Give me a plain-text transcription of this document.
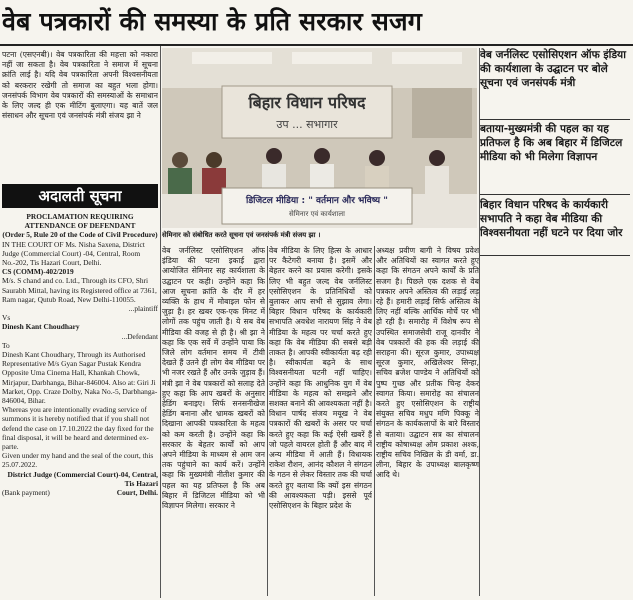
वेब पत्रकारों की समस्या के प्रति सरकार सजग

पटना (एसएनबी)। वेब पत्रकारिता की महत्ता को नकारा नहीं जा सकता है। वेब पत्रकारिता ने समाज में सूचना क्रांति लाई है। यदि वेब पत्रकारिता अपनी विश्वसनीयता को बरकरार रखेगी तो समाज का बहुत भला होगा। जनसंपर्क विभाग वेब पत्रकारों की समस्याओं के समाधान के लिए जल्द ही एक मीटिंग बुलाएगा। यह बातें जल संसाधन और सूचना एवं जनसंपर्क मंत्री संजय झा ने

अदालती सूचना

PROCLAMATION REQUIRING ATTENDANCE OF DEFENDANT

(Order 5, Rule 20 of the Code of Civil Procedure)

IN THE COURT OF Ms. Nisha Saxena, District Judge (Commercial Court) -04, Central, Room No.-202, Tis Hazari Court, Delhi.

CS (COMM)-402/2019

M/s. S chand and co. Ltd., Through its CFO, Shri Saurabh Mittal, having its Registered office at 7361, Ram nagar, Qutub Road, New Delhi-110055.

...plaintiff

Vs

Dinesh Kant Choudhary

...Defendant

To

Dinesh Kant Choudhary, Through its Authorised Representative M/s Gyan Sagar Pustak Kendra Opposite Uma Cinema Hall, Khankah Chowk, Mirjapur, Darbhanga, Bihar-846004. Also at: Giri Ji Market, Opp. Craze Dolby, Naka No.-5, Darbhanga-846004, Bihar.

Whereas you are intentionally evading service of summons it is hereby notified that if you shall not defend the case on 17.10.2022 the day fixed for the final disposal, it will be heard and determined ex-parte.

Given under my hand and the seal of the court, this 25.07.2022.

District Judge (Commercial Court)-04, Central, Tis Hazari

(Bank payment)	Court, Delhi.

बिहार विधान परिषद
उप ... सभागार
डिजिटल मीडिया : " वर्तमान और भविष्य "
सेमिनार एवं कार्यशाला
सेमिनार को संबोधित करते सूचना एवं जनसंपर्क मंत्री संजय झा ।
वेब जर्नलिस्ट एसोसिएशन ऑफ इंडिया की कार्यशाला के उद्घाटन पर बोले सूचना एवं जनसंपर्क मंत्री
बताया-मुख्यमंत्री की पहल का यह प्रतिफल है कि अब बिहार में डिजिटल मीडिया को भी मिलेगा विज्ञापन
बिहार विधान परिषद के कार्यकारी सभापति ने कहा वेब मीडिया की विश्वसनीयता नहीं घटने पर दिया जोर

वेब जर्नलिस्ट एसोसिएशन ऑफ इंडिया की पटना इकाई द्वारा आयोजित सेमिनार सह कार्यशाला के उद्घाटन पर कही। उन्होंने कहा कि आज सूचना क्रांति के दौर में हर व्यक्ति के हाथ में मोबाइल फोन से जुड़ा है। हर खबर एक-एक मिनट में लोगों तक पहुंच जाती है। ये सब वेब मीडिया की वजह से ही है। श्री झा ने कहा कि एक सर्वे में उन्होंने पाया कि जिले लोग वर्तमान समय में टीवी देखते हैं उतने ही लोग वेब मीडिया पर भी नजर रखते हैं और उनके जुड़ाव हैं। मंत्री झा ने वेब पत्रकारों को सलाह देते हुए कहा कि आप खबरों के अनुसार हेडिंग बनाइए। सिर्फ सनसनीखेज हेडिंग बनाना और भ्रामक खबरों को दिखाना आपकी पत्रकारिता के महत्व को कम करती है। उन्होंने कहा कि सरकार के बेहतर कार्यों को आप अपने मीडिया के माध्यम से आम जन तक पहुंचाने का कार्य करें। उन्होंने कहा कि मुख्यमंत्री नीतीश कुमार की पहल का यह प्रतिफल है कि अब बिहार में डिजिटल मीडिया को भी विज्ञापन मिलेगा। सरकार ने

वेब मीडिया के लिए हित्स के आधार पर कैटेगरी बनाया है। इसमें और बेहतर करने का प्रयास करेगी। इसके लिए भी बहुत जल्द वेब जर्नलिस्ट एसोसिएशन के प्रतिनिधियों को बुलाकर आप सभी से सुझाव लेगा। बिहार विधान परिषद के कार्यकारी सभापति अवधेश नारायण सिंह ने वेब मीडिया के महत्व पर चर्चा करते हुए कहा कि वेब मीडिया की सबसे बड़ी ताकत है। आपकी स्वीकार्यता बढ़ रही है। स्वीकार्यता बढ़ने के साथ विश्वसनीयता घटनी नहीं चाहिए। उन्होंने कहा कि आधुनिक युग में वेब मीडिया के महत्व को समझने और सशक्त बनाने की आवश्यकता नहीं है। विधान पार्षद संजय मयूख ने वेब पत्रकारों की खबरों के असर पर चर्चा करते हुए कहा कि कई ऐसी खबरें हैं जो पहले वायरल होती हैं और बाद में अन्य मीडिया में आती हैं। विधायक राकेश रौशन, आनंद कौशल ने संगठन के गठन से लेकर विस्तार तक की चर्चा करते हुए बताया कि क्यों इस संगठन की आवश्यकता पड़ी। इससे पूर्व एसोसिएशन के बिहार प्रदेश के

अध्यक्ष प्रवीण बागी ने विषय प्रवेश और अतिथियों का स्वागत करते हुए कहा कि संगठन अपने कार्यों के प्रति सजग है। पिछले एक दशक से वेब पत्रकार अपने अस्तित्व की लड़ाई लड़ रहे हैं। हमारी लड़ाई सिर्फ अस्तित्व के लिए नहीं बल्कि आर्थिक मोर्चे पर भी हो रही है। समारोह में विशेष रूप से उपस्थित समाजसेवी राजू दानवीर ने वेब पत्रकारों की हक की लड़ाई की सराहना की। सूरज कुमार, उपाध्यक्ष सूरज कुमार, अखिलेश्वर सिन्हा, सचिव ब्रजेश पाण्डेय ने अतिथियों को पुष्प गुच्छ और प्रतीक चिन्ह देकर स्वागत किया। समारोह का संचालन करते हुए एसोसिएशन के राष्ट्रीय संयुक्त सचिव मधुप मणि पिक्कू ने संगठन के कार्यकलापों के बारे विस्तार से बताया। उद्घाटन सत्र का संचालन राष्ट्रीय कोषाध्यक्ष ओम प्रकाश अश्क, राष्ट्रीय सचिव निखिल के डी वर्मा, डा. लीना, बिहार के उपाध्यक्ष बालकृष्ण आदि थे।
